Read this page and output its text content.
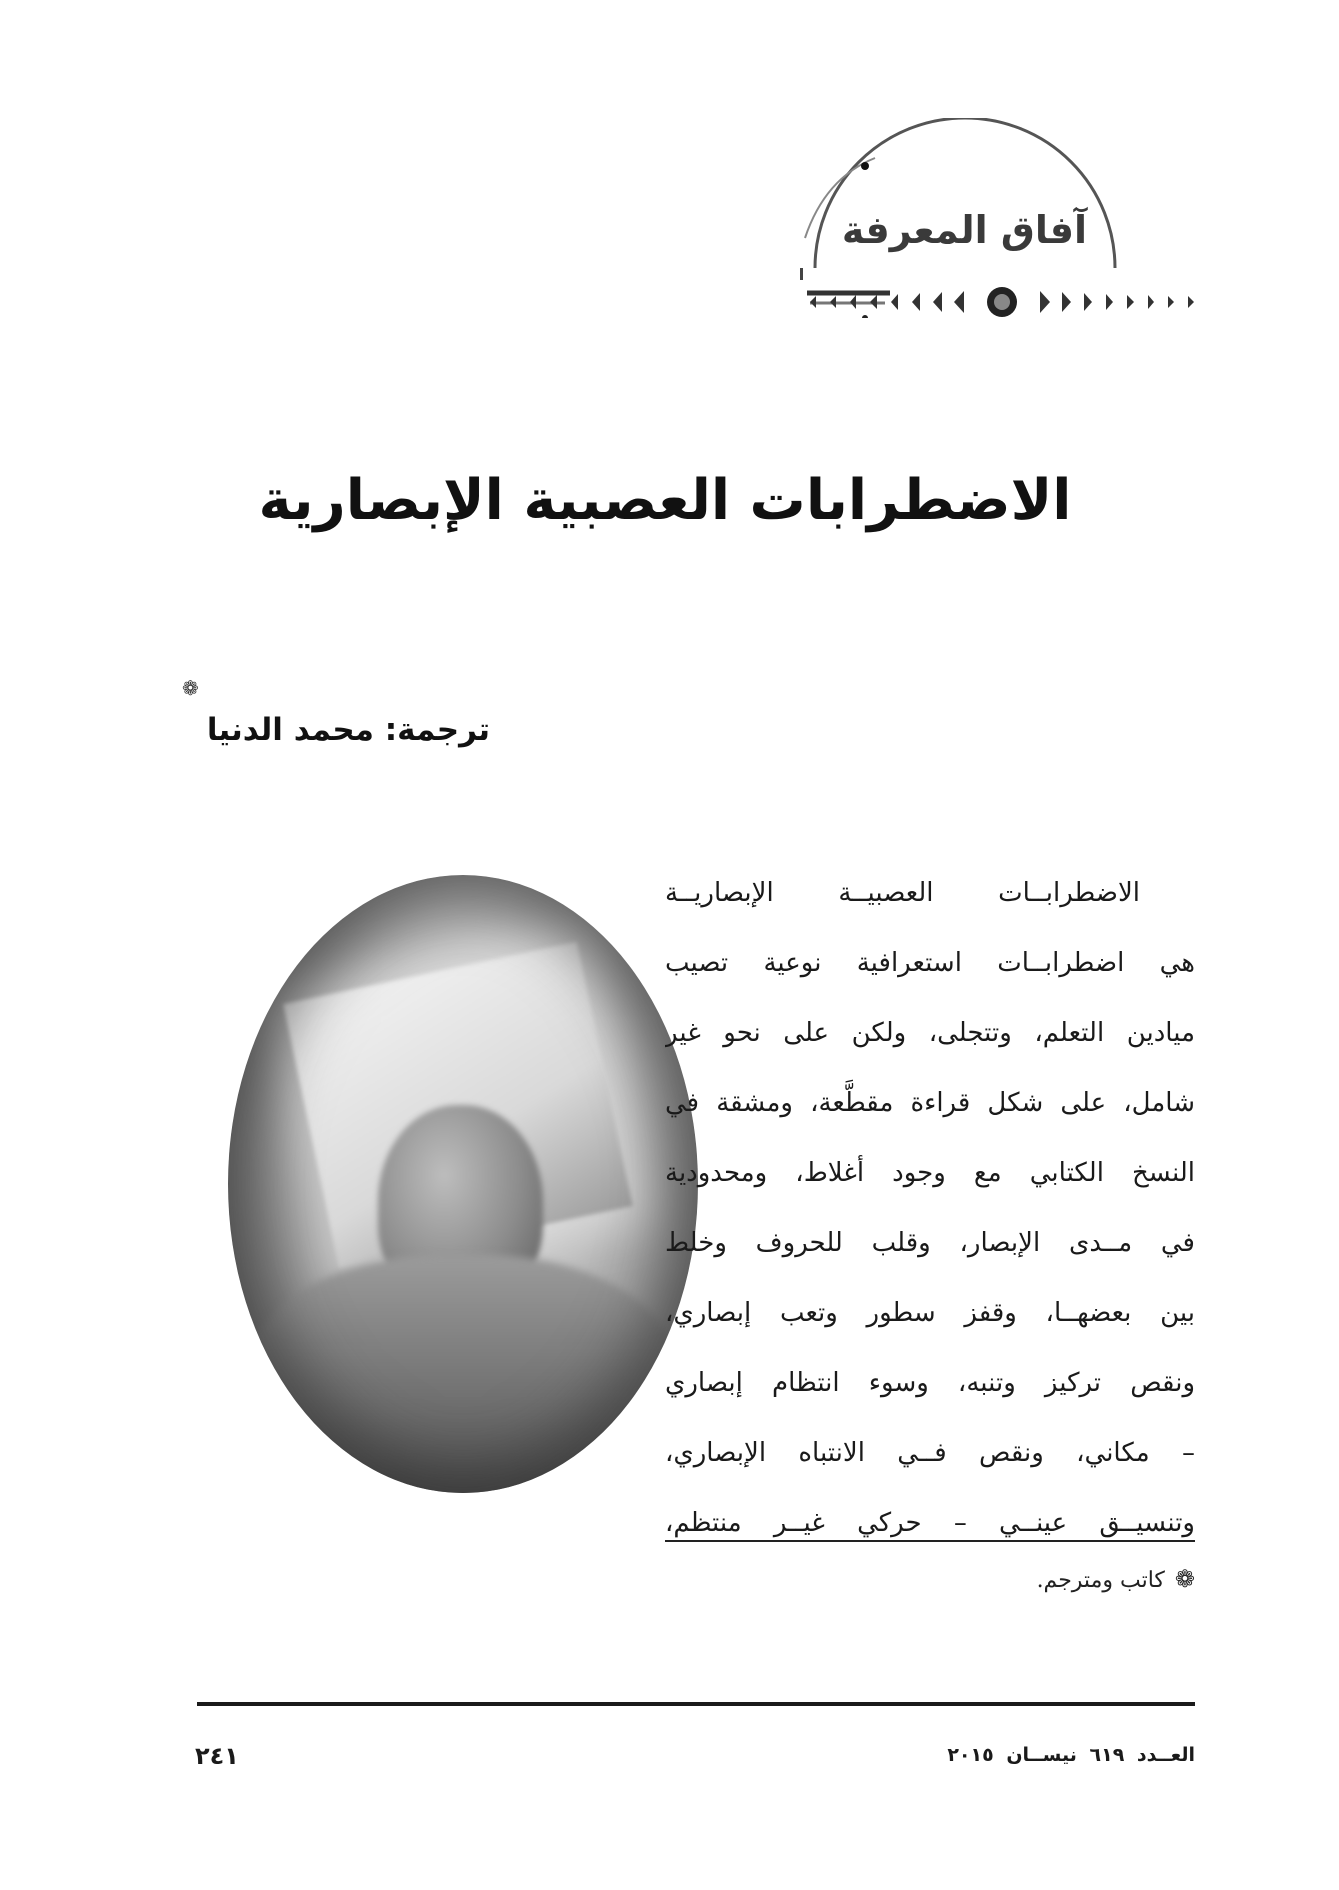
آفاق المعرفة
الاضطرابات العصبية الإبصارية
❁
ترجمة: محمد الدنيا
الاضطرابــات العصبيــة الإبصاريــة
هي اضطرابــات استعرافية نوعية تصيب
ميادين التعلم، وتتجلى، ولكن على نحو غير
شامل، على شكل قراءة مقطَّعة، ومشقة في
النسخ الكتابي مع وجود أغلاط، ومحدودية
في مــدى الإبصار، وقلب للحروف وخلط
بين بعضهــا، وقفز سطور وتعب إبصاري،
ونقص تركيز وتنبه، وسوء انتظام إبصاري
– مكاني، ونقص فــي الانتباه الإبصاري،
وتنسيــق عينــي – حركي غيــر منتظم،
❁كاتب ومترجم.
العــدد ٦١٩ نيســان ٢٠١٥
٢٤١
